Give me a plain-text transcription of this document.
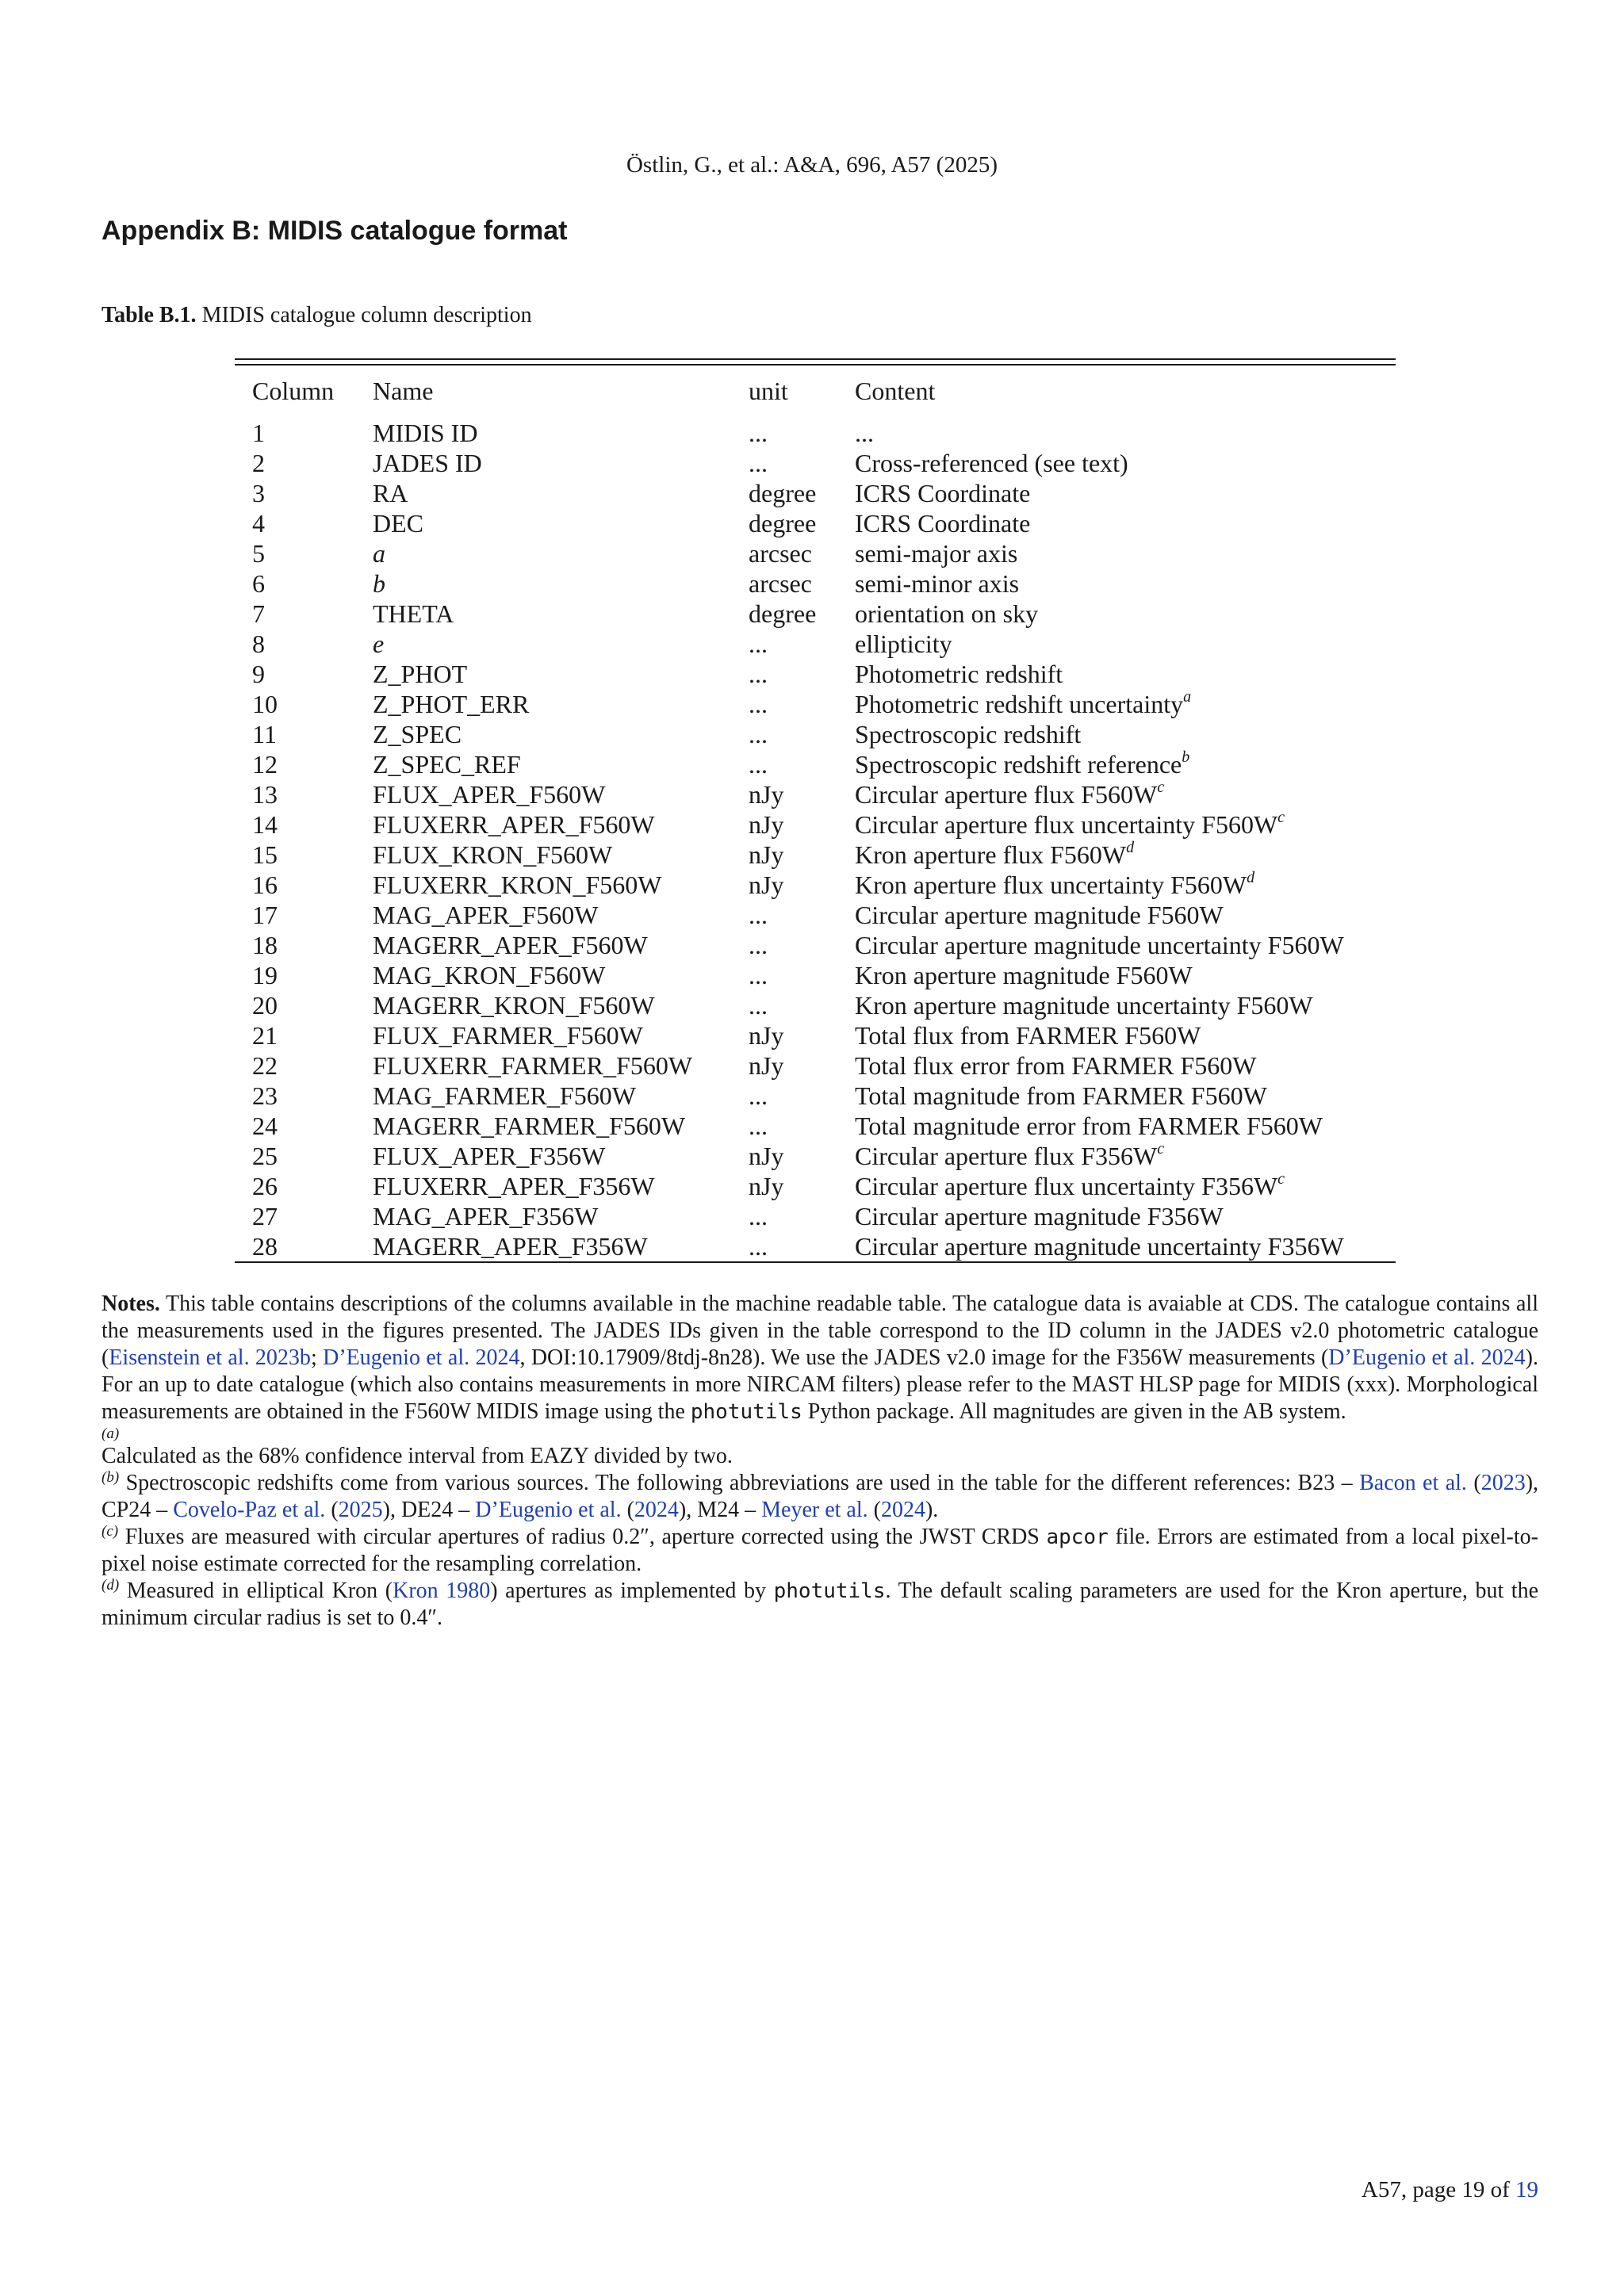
Östlin, G., et al.: A&A, 696, A57 (2025)
Appendix B: MIDIS catalogue format
Table B.1. MIDIS catalogue column description
Column	Name	unit	Content
1	MIDIS ID	...	...
2	JADES ID	...	Cross-referenced (see text)
3	RA	degree	ICRS Coordinate
4	DEC	degree	ICRS Coordinate
5	a	arcsec	semi-major axis
6	b	arcsec	semi-minor axis
7	THETA	degree	orientation on sky
8	e	...	ellipticity
9	Z_PHOT	...	Photometric redshift
10	Z_PHOT_ERR	...	Photometric redshift uncertainty$^a$
11	Z_SPEC	...	Spectroscopic redshift
12	Z_SPEC_REF	...	Spectroscopic redshift reference$^b$
13	FLUX_APER_F560W	nJy	Circular aperture flux $F560W^c$
14	FLUXERR_APER_F560W	nJy	Circular aperture flux uncertainty $F560W^c$
15	FLUX_KRON_F560W	nJy	Kron aperture flux $F560W^d$
16	FLUXERR_KRON_F560W	nJy	Kron aperture flux uncertainty $F560W^d$
17	MAG_APER_F560W	...	Circular aperture magnitude F560W
18	MAGERR_APER_F560W	...	Circular aperture magnitude uncertainty F560W
19	MAG_KRON_F560W	...	Kron aperture magnitude F560W
20	MAGERR_KRON_F560W	...	Kron aperture magnitude uncertainty F560W
21	FLUX_FARMER_F560W	nJy	Total flux from FARMER F560W
22	FLUXERR_FARMER_F560W	nJy	Total flux error from FARMER F560W
23	MAG_FARMER_F560W	...	Total magnitude from FARMER F560W
24	MAGERR_FARMER_F560W	...	Total magnitude error from FARMER F560W
25	FLUX_APER_F356W	nJy	Circular aperture flux $F356W^c$
26	FLUXERR_APER_F356W	nJy	Circular aperture flux uncertainty $F356W^c$
27	MAG_APER_F356W	...	Circular aperture magnitude F356W
28	MAGERR_APER_F356W	...	Circular aperture magnitude uncertainty F356W

Notes. This table contains descriptions of the columns available in the machine readable table. The catalogue data is avaiable at CDS. The catalogue contains all the measurements used in the figures presented. The JADES IDs given in the table correspond to the ID column in the JADES v2.0 photometric catalogue (Eisenstein et al. 2023b; D’Eugenio et al. 2024, DOI:10.17909/8tdj-8n28). We use the JADES v2.0 image for the F356W measurements (D’Eugenio et al. 2024). For an up to date catalogue (which also contains measurements in more NIRCAM filters) please refer to the MAST HLSP page for MIDIS (xxx). Morphological measurements are obtained in the F560W MIDIS image using the photutils Python package. All magnitudes are given in the AB system.

(a)

Calculated as the 68% confidence interval from EAZY divided by two.

$^{(b)}$ Spectroscopic redshifts come from various sources. The following abbreviations are used in the table for the different references: B23 – Bacon et al. (2023), CP24 – Covelo-Paz et al. (2025), DE24 – D’Eugenio et al. (2024), M24 – Meyer et al. (2024).

$^{(c)}$ Fluxes are measured with circular apertures of radius 0.2″, aperture corrected using the JWST CRDS apcor file. Errors are estimated from a local pixel-to-pixel noise estimate corrected for the resampling correlation.

$^{(d)}$ Measured in elliptical Kron (Kron 1980) apertures as implemented by photutils. The default scaling parameters are used for the Kron aperture, but the minimum circular radius is set to 0.4″.

A57, page 19 of 19
